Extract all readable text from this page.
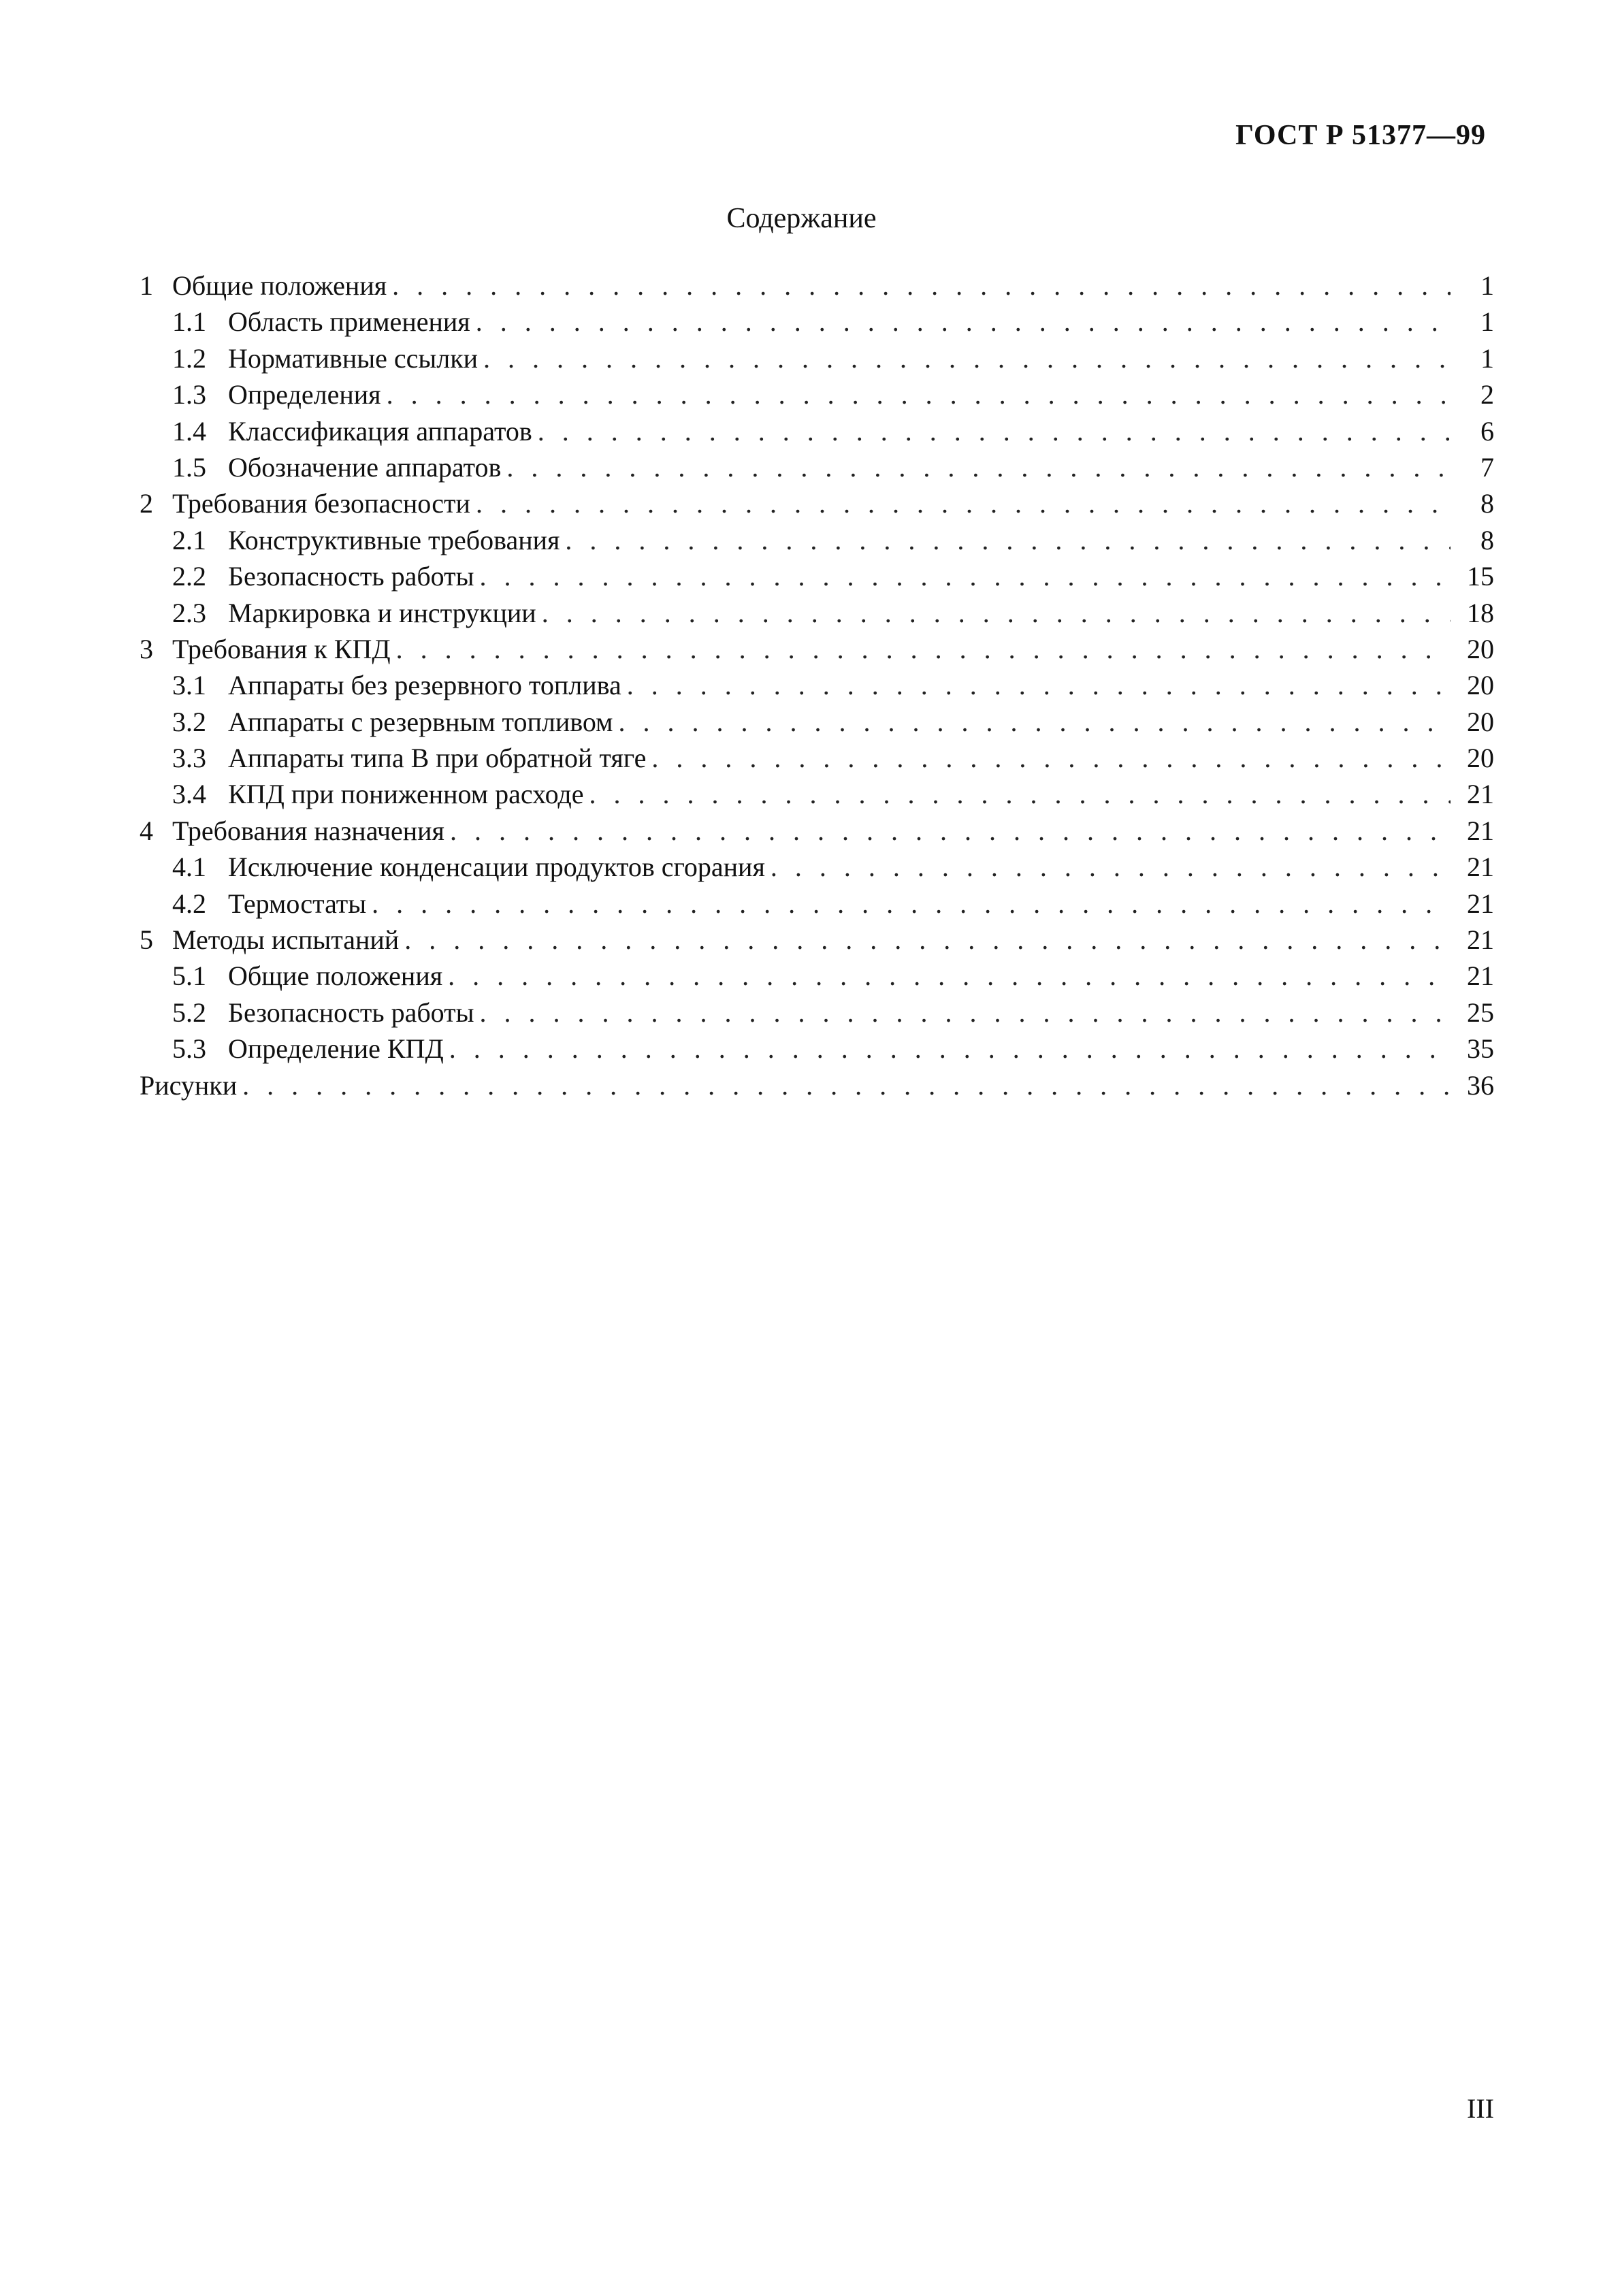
ГОСТ Р 51377—99
Содержание
1 Общие положения . . .	1
1.1 Область применения . . .	1
1.2 Нормативные ссылки . . .	1
1.3 Определения . . .	2
1.4 Классификация аппаратов . . .	6
1.5 Обозначение аппаратов . . .	7
2 Требования безопасности . . .	8
2.1 Конструктивные требования . . .	8
2.2 Безопасность работы . . .	15
2.3 Маркировка и инструкции . . .	18
3 Требования к КПД . . .	20
3.1 Аппараты без резервного топлива . . .	20
3.2 Аппараты с резервным топливом . . .	20
3.3 Аппараты типа В при обратной тяге . . .	20
3.4 КПД при пониженном расходе . . .	21
4 Требования назначения . . .	21
4.1 Исключение конденсации продуктов сгорания . . .	21
4.2 Термостаты . . .	21
5 Методы испытаний . . .	21
5.1 Общие положения . . .	21
5.2 Безопасность работы . . .	25
5.3 Определение КПД . . .	35
Рисунки . . .	36
III
